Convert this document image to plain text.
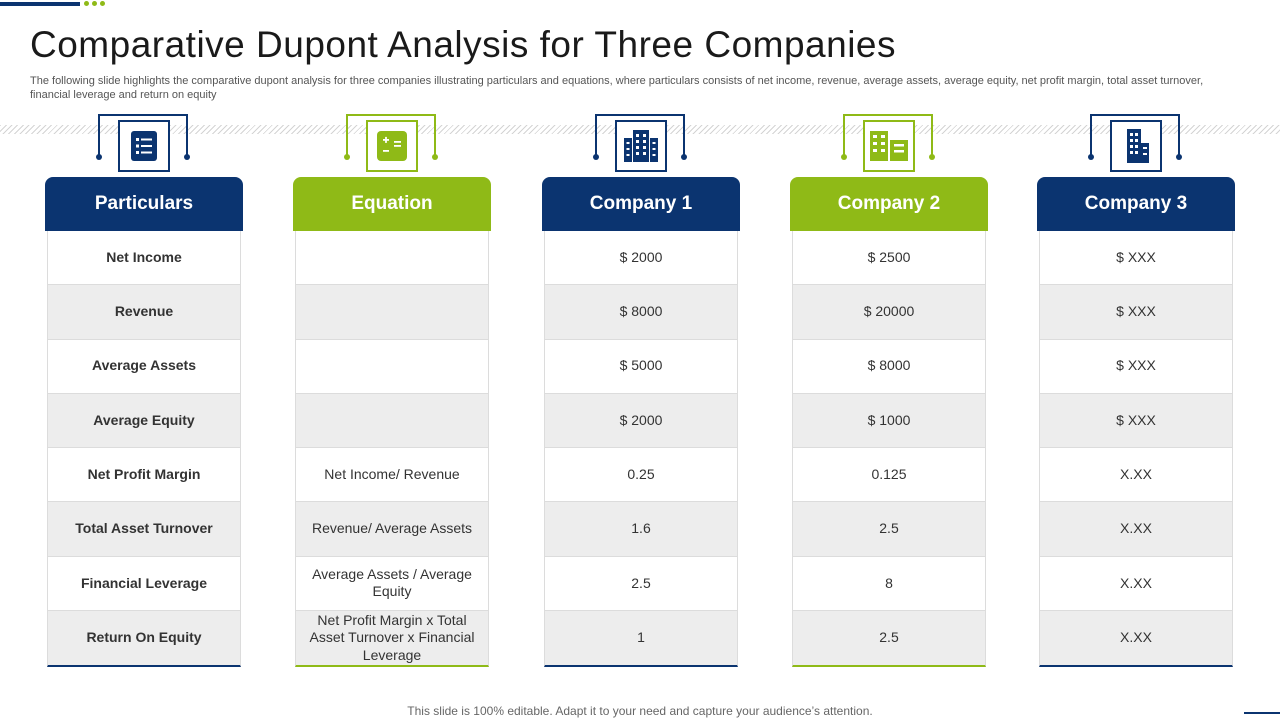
Comparative Dupont Analysis for Three Companies
The following slide highlights the comparative dupont analysis for three companies illustrating particulars and equations, where particulars consists of net income, revenue, average assets, average equity, net profit margin, total asset turnover, financial leverage and return on equity
Particulars
Net Income
Revenue
Average Assets
Average Equity
Net Profit Margin
Total Asset Turnover
Financial Leverage
Return On Equity
Equation
Net Income/ Revenue
Revenue/ Average Assets
Average Assets / Average Equity
Net Profit Margin x Total Asset Turnover x Financial Leverage
Company 1
$ 2000
$ 8000
$ 5000
$ 2000
0.25
1.6
2.5
1
Company 2
$ 2500
$ 20000
$ 8000
$ 1000
0.125
2.5
8
2.5
Company 3
$ XXX
$ XXX
$ XXX
$ XXX
X.XX
X.XX
X.XX
X.XX
This slide is 100% editable. Adapt it to your need and capture your audience’s attention.
